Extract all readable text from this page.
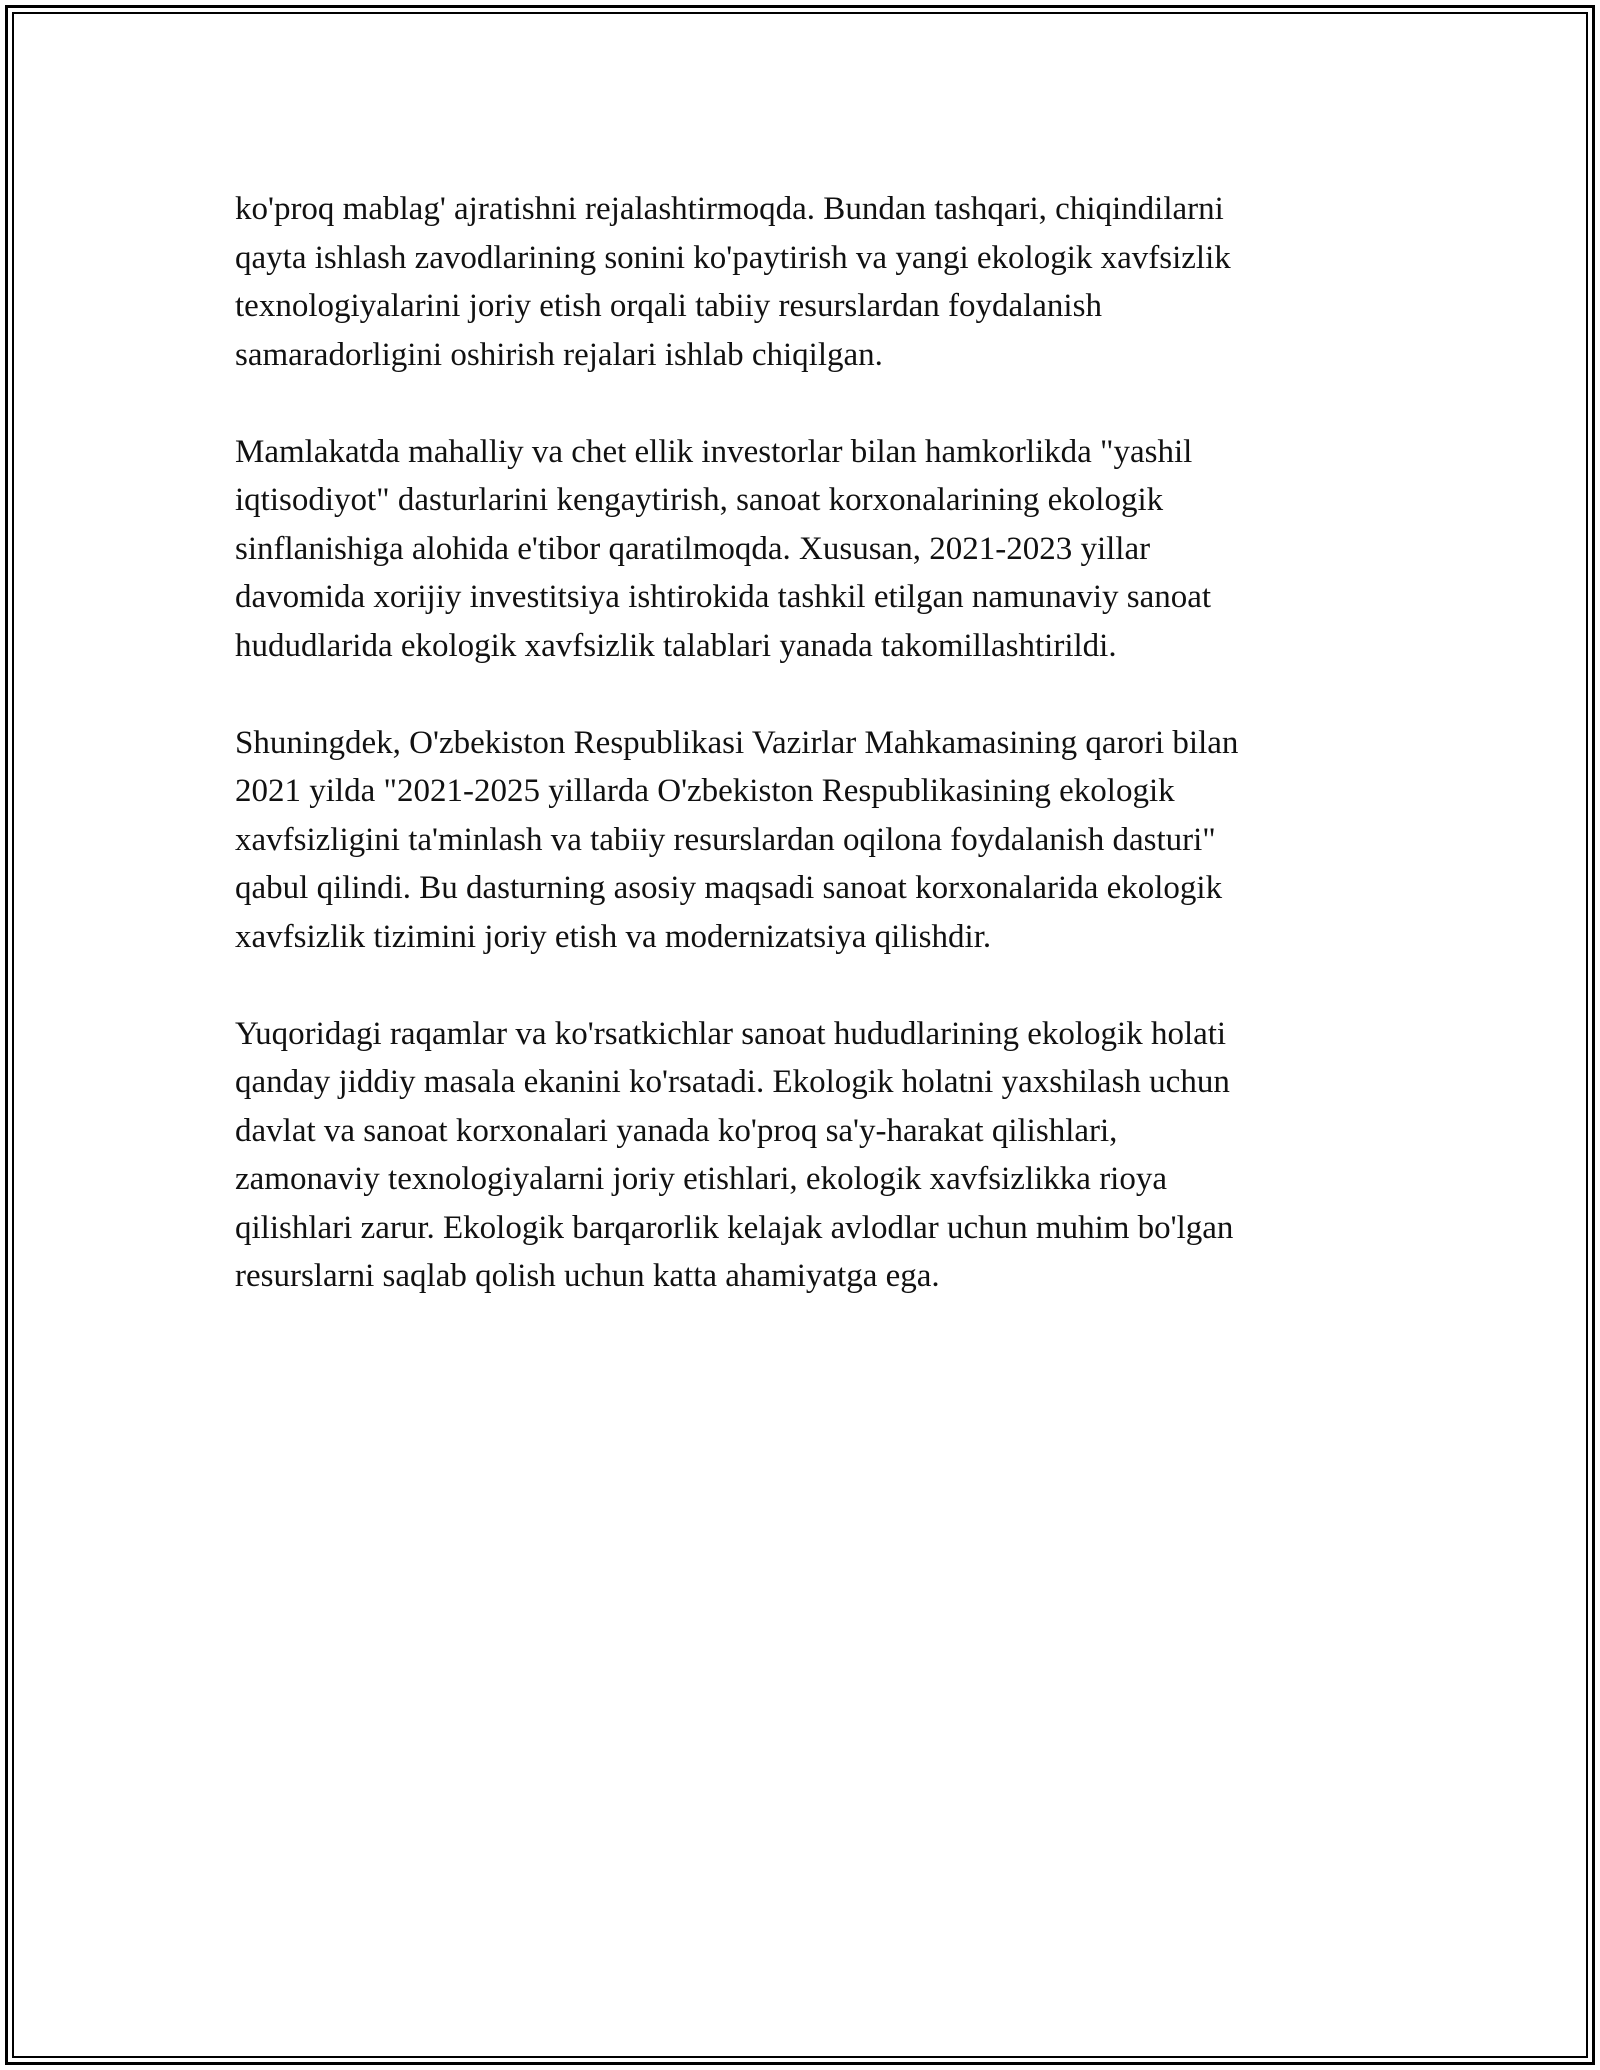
ko'proq mablag' ajratishni rejalashtirmoqda. Bundan tashqari, chiqindilarni
qayta ishlash zavodlarining sonini ko'paytirish va yangi ekologik xavfsizlik
texnologiyalarini joriy etish orqali tabiiy resurslardan foydalanish
samaradorligini oshirish rejalari ishlab chiqilgan.

Mamlakatda mahalliy va chet ellik investorlar bilan hamkorlikda "yashil
iqtisodiyot" dasturlarini kengaytirish, sanoat korxonalarining ekologik
sinflanishiga alohida e'tibor qaratilmoqda. Xususan, 2021-2023 yillar
davomida xorijiy investitsiya ishtirokida tashkil etilgan namunaviy sanoat
hududlarida ekologik xavfsizlik talablari yanada takomillashtirildi.

Shuningdek, O'zbekiston Respublikasi Vazirlar Mahkamasining qarori bilan
2021 yilda "2021-2025 yillarda O'zbekiston Respublikasining ekologik
xavfsizligini ta'minlash va tabiiy resurslardan oqilona foydalanish dasturi"
qabul qilindi. Bu dasturning asosiy maqsadi sanoat korxonalarida ekologik
xavfsizlik tizimini joriy etish va modernizatsiya qilishdir.

Yuqoridagi raqamlar va ko'rsatkichlar sanoat hududlarining ekologik holati
qanday jiddiy masala ekanini ko'rsatadi. Ekologik holatni yaxshilash uchun
davlat va sanoat korxonalari yanada ko'proq sa'y-harakat qilishlari,
zamonaviy texnologiyalarni joriy etishlari, ekologik xavfsizlikka rioya
qilishlari zarur. Ekologik barqarorlik kelajak avlodlar uchun muhim bo'lgan
resurslarni saqlab qolish uchun katta ahamiyatga ega.
